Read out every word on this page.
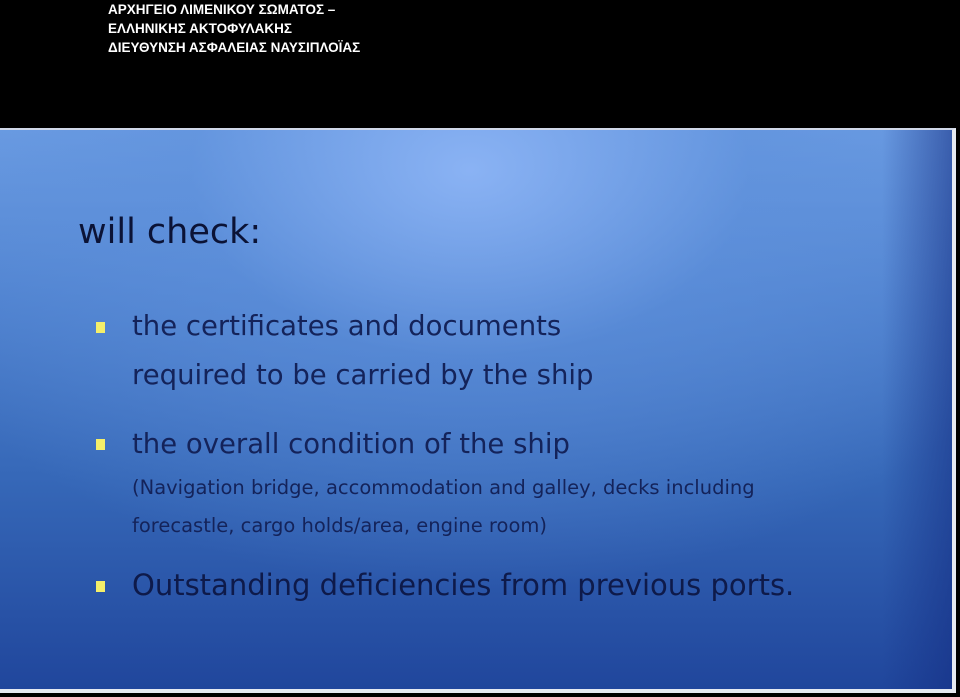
ΑΡΧΗΓΕΙΟ ΛΙΜΕΝΙΚΟΥ ΣΩΜΑΤΟΣ –
ΕΛΛΗΝΙΚΗΣ ΑΚΤΟΦΥΛΑΚΗΣ
ΔΙΕΥΘΥΝΣΗ ΑΣΦΑΛΕΙΑΣ ΝΑΥΣΙΠΛΟΪΑΣ
will check:
the certificates and documents
required to be carried by the ship
the overall condition of the ship
(Navigation bridge, accommodation and galley, decks including
forecastle, cargo holds/area, engine room)
Outstanding deficiencies from previous ports.
